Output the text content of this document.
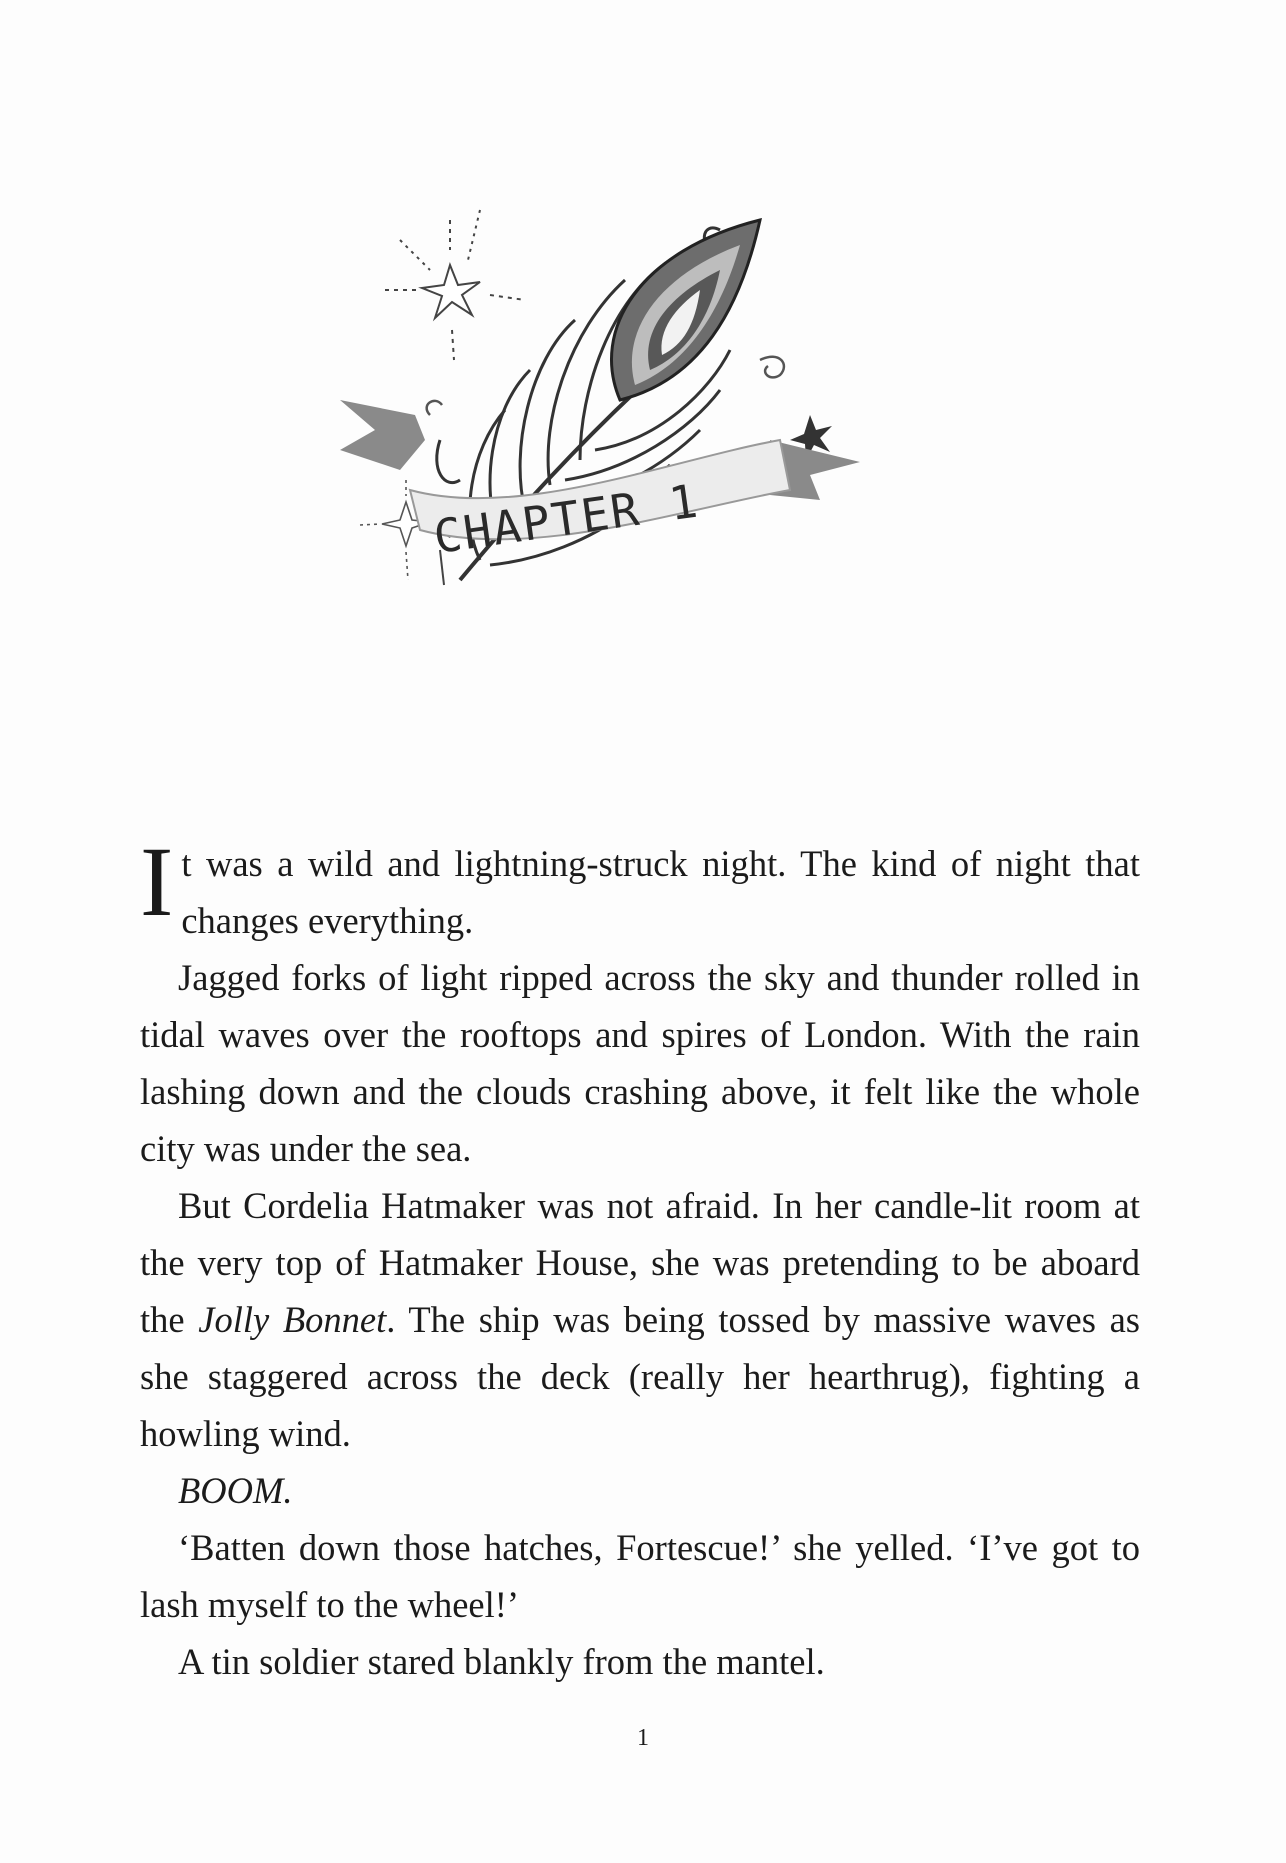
CHAPTER 1

It was a wild and lightning-struck night. The kind of night that changes everything.

Jagged forks of light ripped across the sky and thunder rolled in tidal waves over the rooftops and spires of London. With the rain lashing down and the clouds crashing above, it felt like the whole city was under the sea.

But Cordelia Hatmaker was not afraid. In her candle-lit room at the very top of Hatmaker House, she was pretending to be aboard the Jolly Bonnet. The ship was being tossed by massive waves as she staggered across the deck (really her hearthrug), fighting a howling wind.

BOOM.

‘Batten down those hatches, Fortescue!’ she yelled. ‘I’ve got to lash myself to the wheel!’

A tin soldier stared blankly from the mantel.

1
